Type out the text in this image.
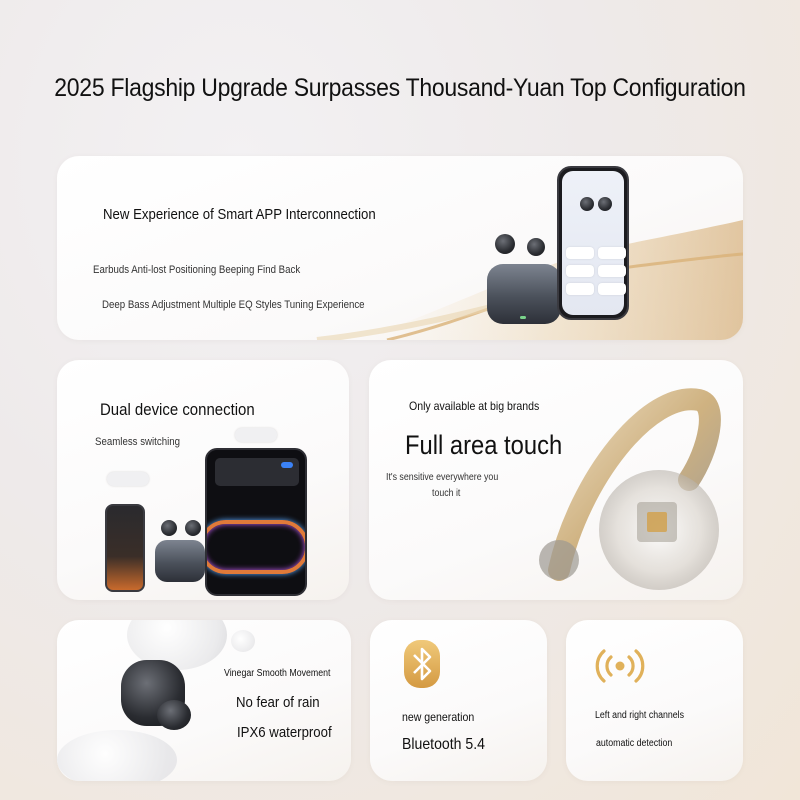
2025 Flagship Upgrade Surpasses Thousand-Yuan Top Configuration
New Experience of Smart APP Interconnection
Earbuds Anti-lost Positioning Beeping Find Back
Deep Bass Adjustment Multiple EQ Styles Tuning Experience
Dual device connection
Seamless switching
Only available at big brands
Full area touch
It's sensitive everywhere you
touch it
Vinegar Smooth Movement
No fear of rain
IPX6 waterproof
new generation
Bluetooth 5.4
Left and right channels
automatic detection
